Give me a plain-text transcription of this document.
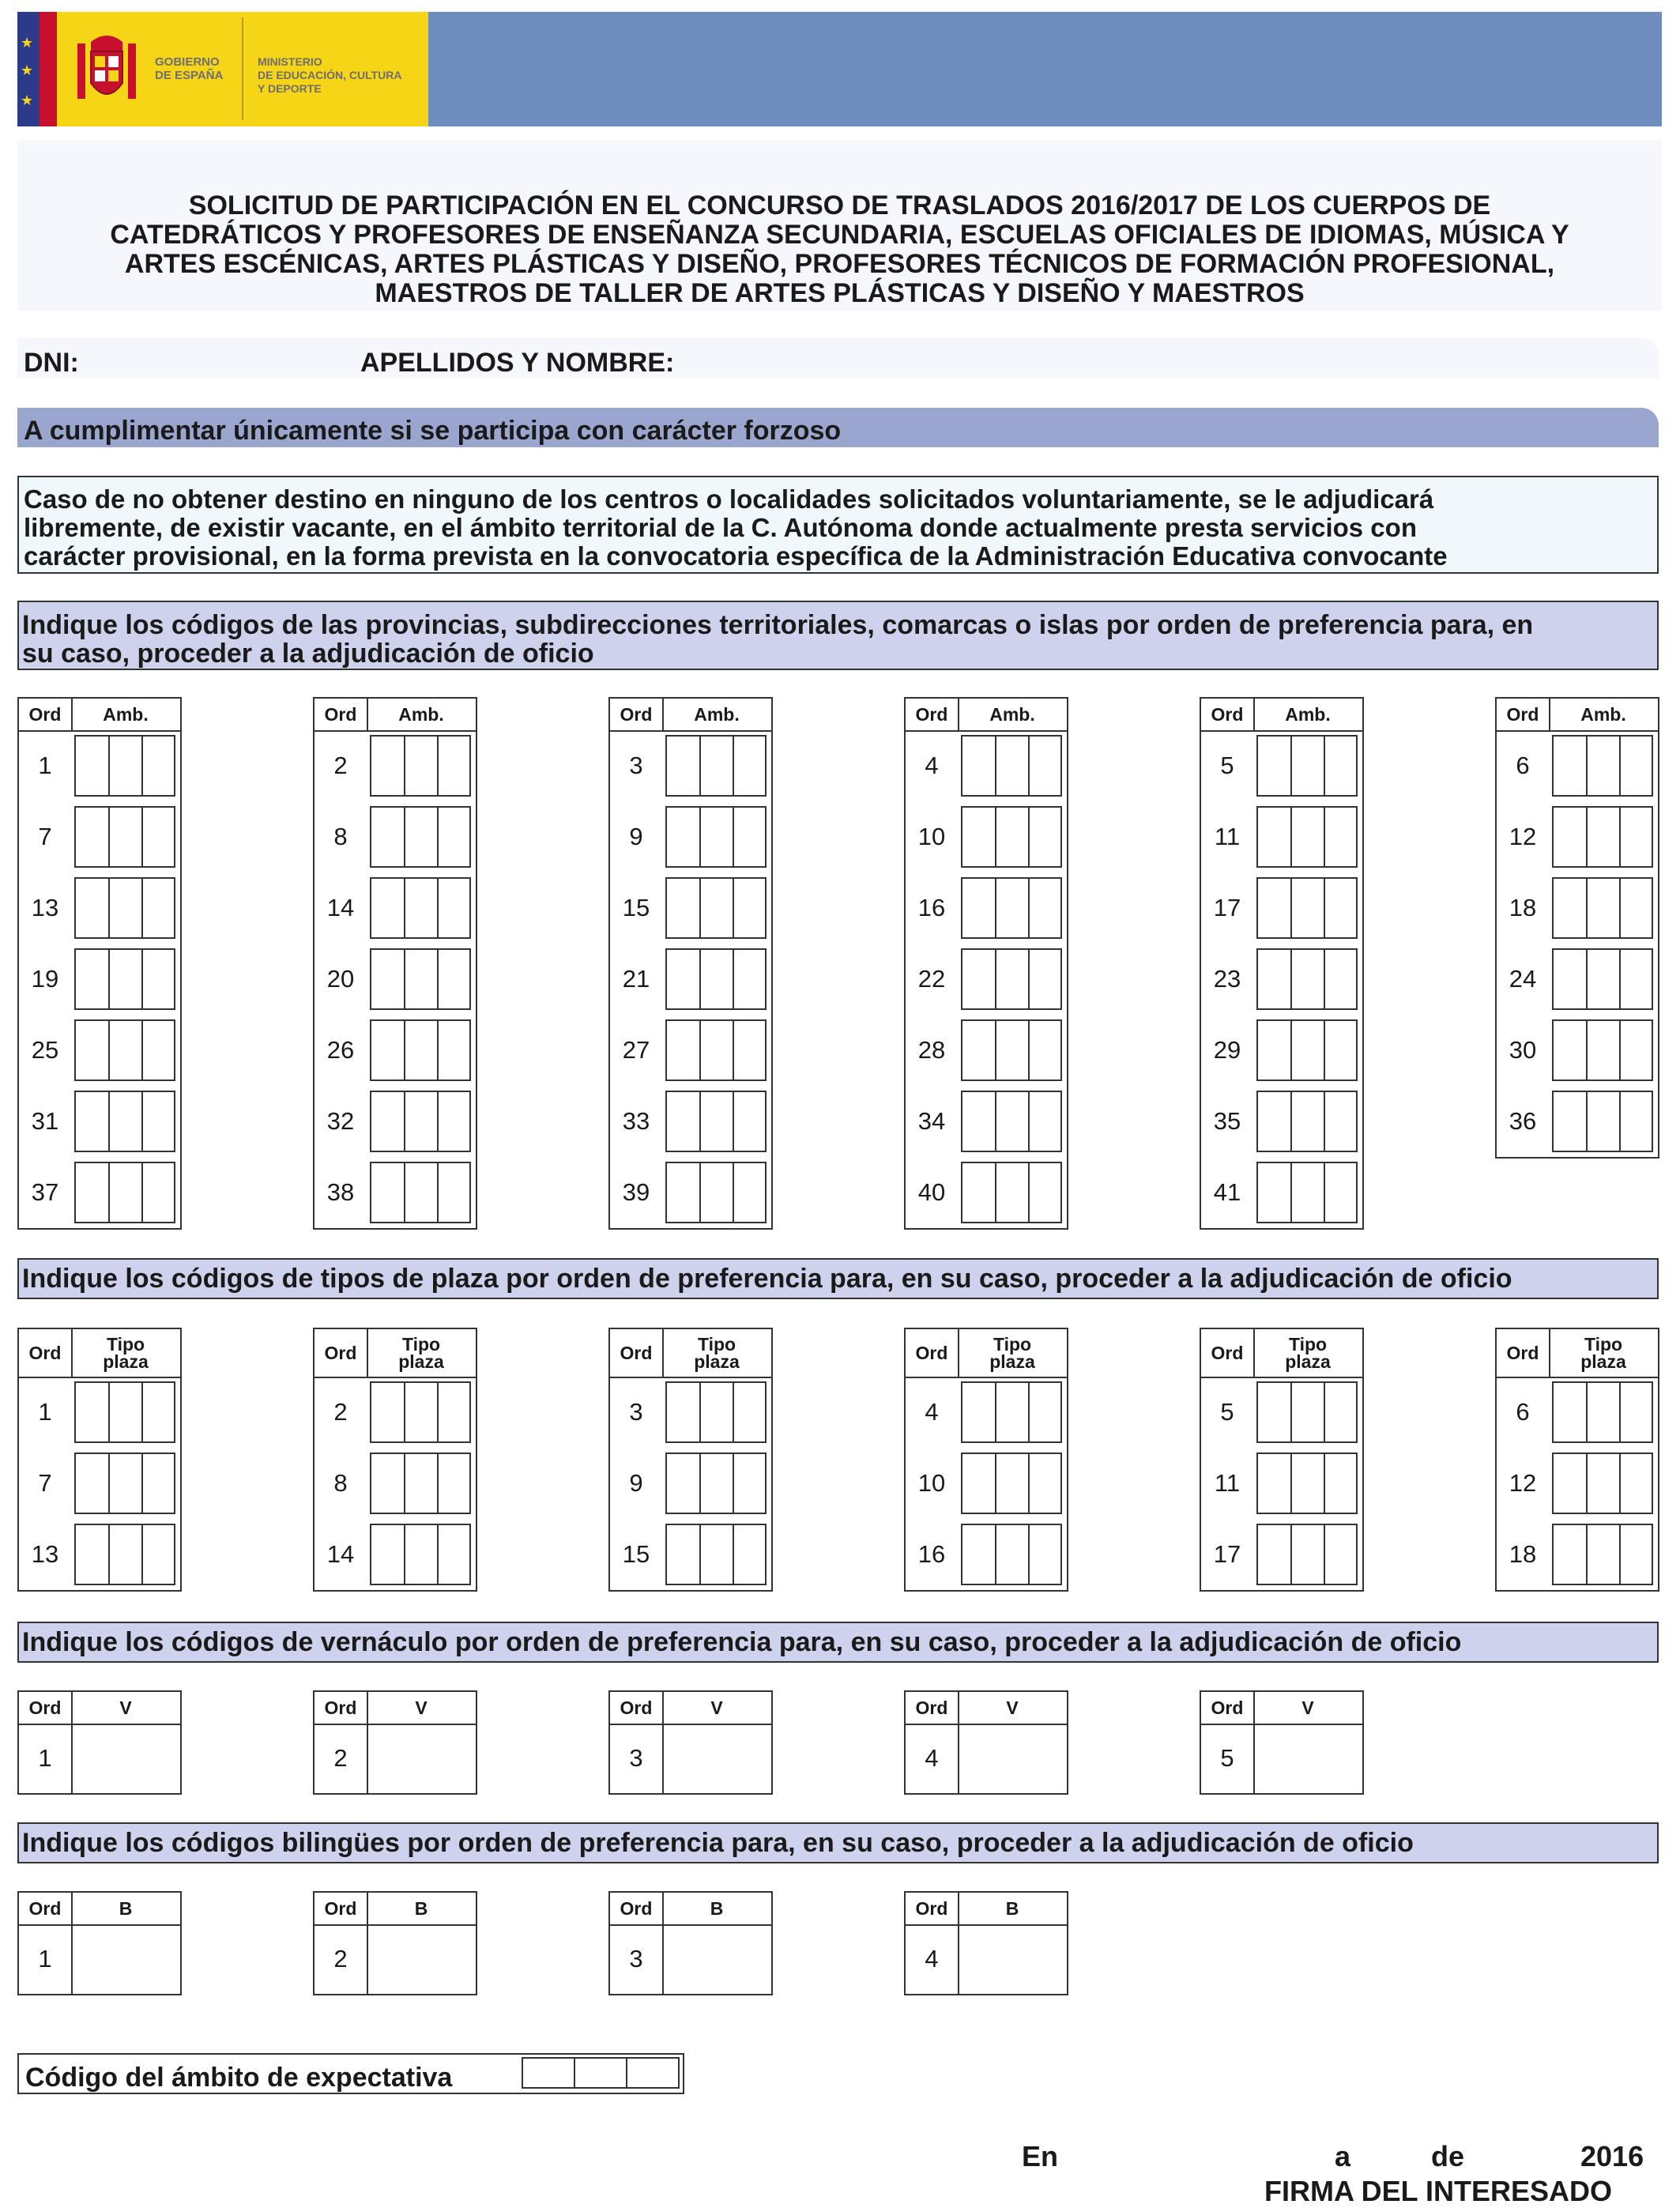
★
★
★
GOBIERNO
DE ESPAÑA
MINISTERIO
DE EDUCACIÓN, CULTURA
Y DEPORTE
SOLICITUD DE PARTICIPACIÓN EN EL CONCURSO DE TRASLADOS 2016/2017 DE LOS CUERPOS DE
CATEDRÁTICOS Y PROFESORES DE ENSEÑANZA SECUNDARIA, ESCUELAS OFICIALES DE IDIOMAS, MÚSICA Y
ARTES ESCÉNICAS, ARTES PLÁSTICAS Y DISEÑO, PROFESORES TÉCNICOS DE FORMACIÓN PROFESIONAL,
MAESTROS DE TALLER DE ARTES PLÁSTICAS Y DISEÑO Y MAESTROS
DNI:	APELLIDOS Y NOMBRE:
A cumplimentar únicamente si se participa con carácter forzoso
Caso de no obtener destino en ninguno de los centros o localidades solicitados voluntariamente, se le adjudicará
libremente, de existir vacante, en el ámbito territorial de la C. Autónoma donde actualmente presta servicios con
carácter provisional, en la forma prevista en la convocatoria específica de la Administración Educativa convocante
Indique los códigos de las provincias, subdirecciones territoriales, comarcas o islas por orden de preferencia para, en
su caso, proceder a la adjudicación de oficio
Indique los códigos de tipos de plaza por orden de preferencia para, en su caso, proceder a la adjudicación de oficio
Indique los códigos de vernáculo por orden de preferencia para, en su caso, proceder a la adjudicación de oficio
Indique los códigos bilingües por orden de preferencia para, en su caso, proceder a la adjudicación de oficio
Ord	Amb.
1
7
13
19
25
31
37
Ord	Amb.
2
8
14
20
26
32
38
Ord	Amb.
3
9
15
21
27
33
39
Ord	Amb.
4
10
16
22
28
34
40
Ord	Amb.
5
11
17
23
29
35
41
Ord	Amb.
6
12
18
24
30
36
Ord	Tipo
plaza
1
7
13
Ord	Tipo
plaza
2
8
14
Ord	Tipo
plaza
3
9
15
Ord	Tipo
plaza
4
10
16
Ord	Tipo
plaza
5
11
17
Ord	Tipo
plaza
6
12
18
Ord	V
1
Ord	V
2
Ord	V
3
Ord	V
4
Ord	V
5
Ord	B
1
Ord	B
2
Ord	B
3
Ord	B
4
Código del ámbito de expectativa
En	a	de	2016
FIRMA DEL INTERESADO
